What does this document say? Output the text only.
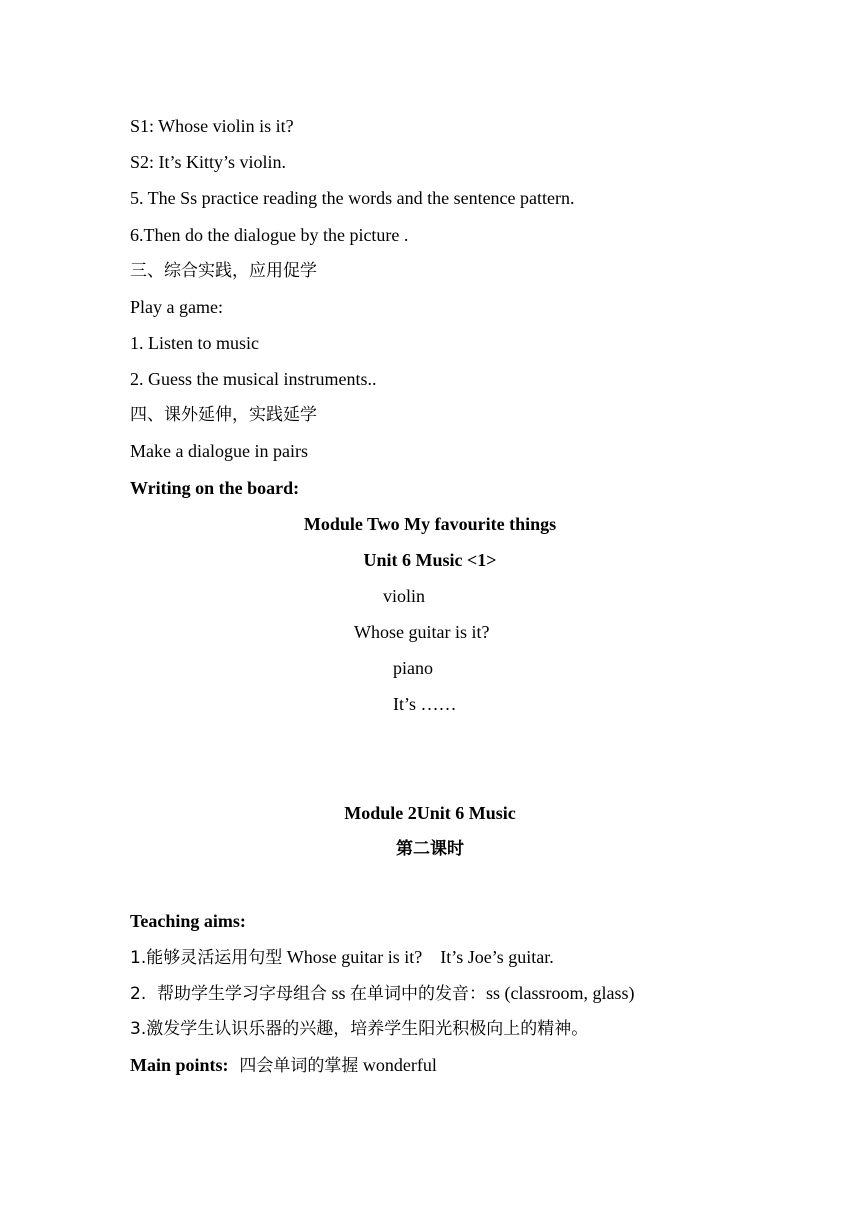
S1: Whose violin is it?

S2: It’s Kitty’s violin.

5. The Ss practice reading the words and the sentence pattern.

6.Then do the dialogue by the picture .

三、综合实践，应用促学

Play a game:

1. Listen to music

2. Guess the musical instruments..

四、课外延伸，实践延学

Make a dialogue in pairs

Writing on the board:

Module Two My favourite things

Unit 6 Music <1>

violin

Whose guitar is it?

piano

It’s ……

Module 2Unit 6 Music

第二课时

Teaching aims:

1.能够灵活运用句型 Whose guitar is it?    It’s Joe’s guitar.

2.  帮助学生学习字母组合 ss 在单词中的发音：ss (classroom, glass)

3.激发学生认识乐器的兴趣，培养学生阳光积极向上的精神。

Main points:  四会单词的掌握 wonderful
